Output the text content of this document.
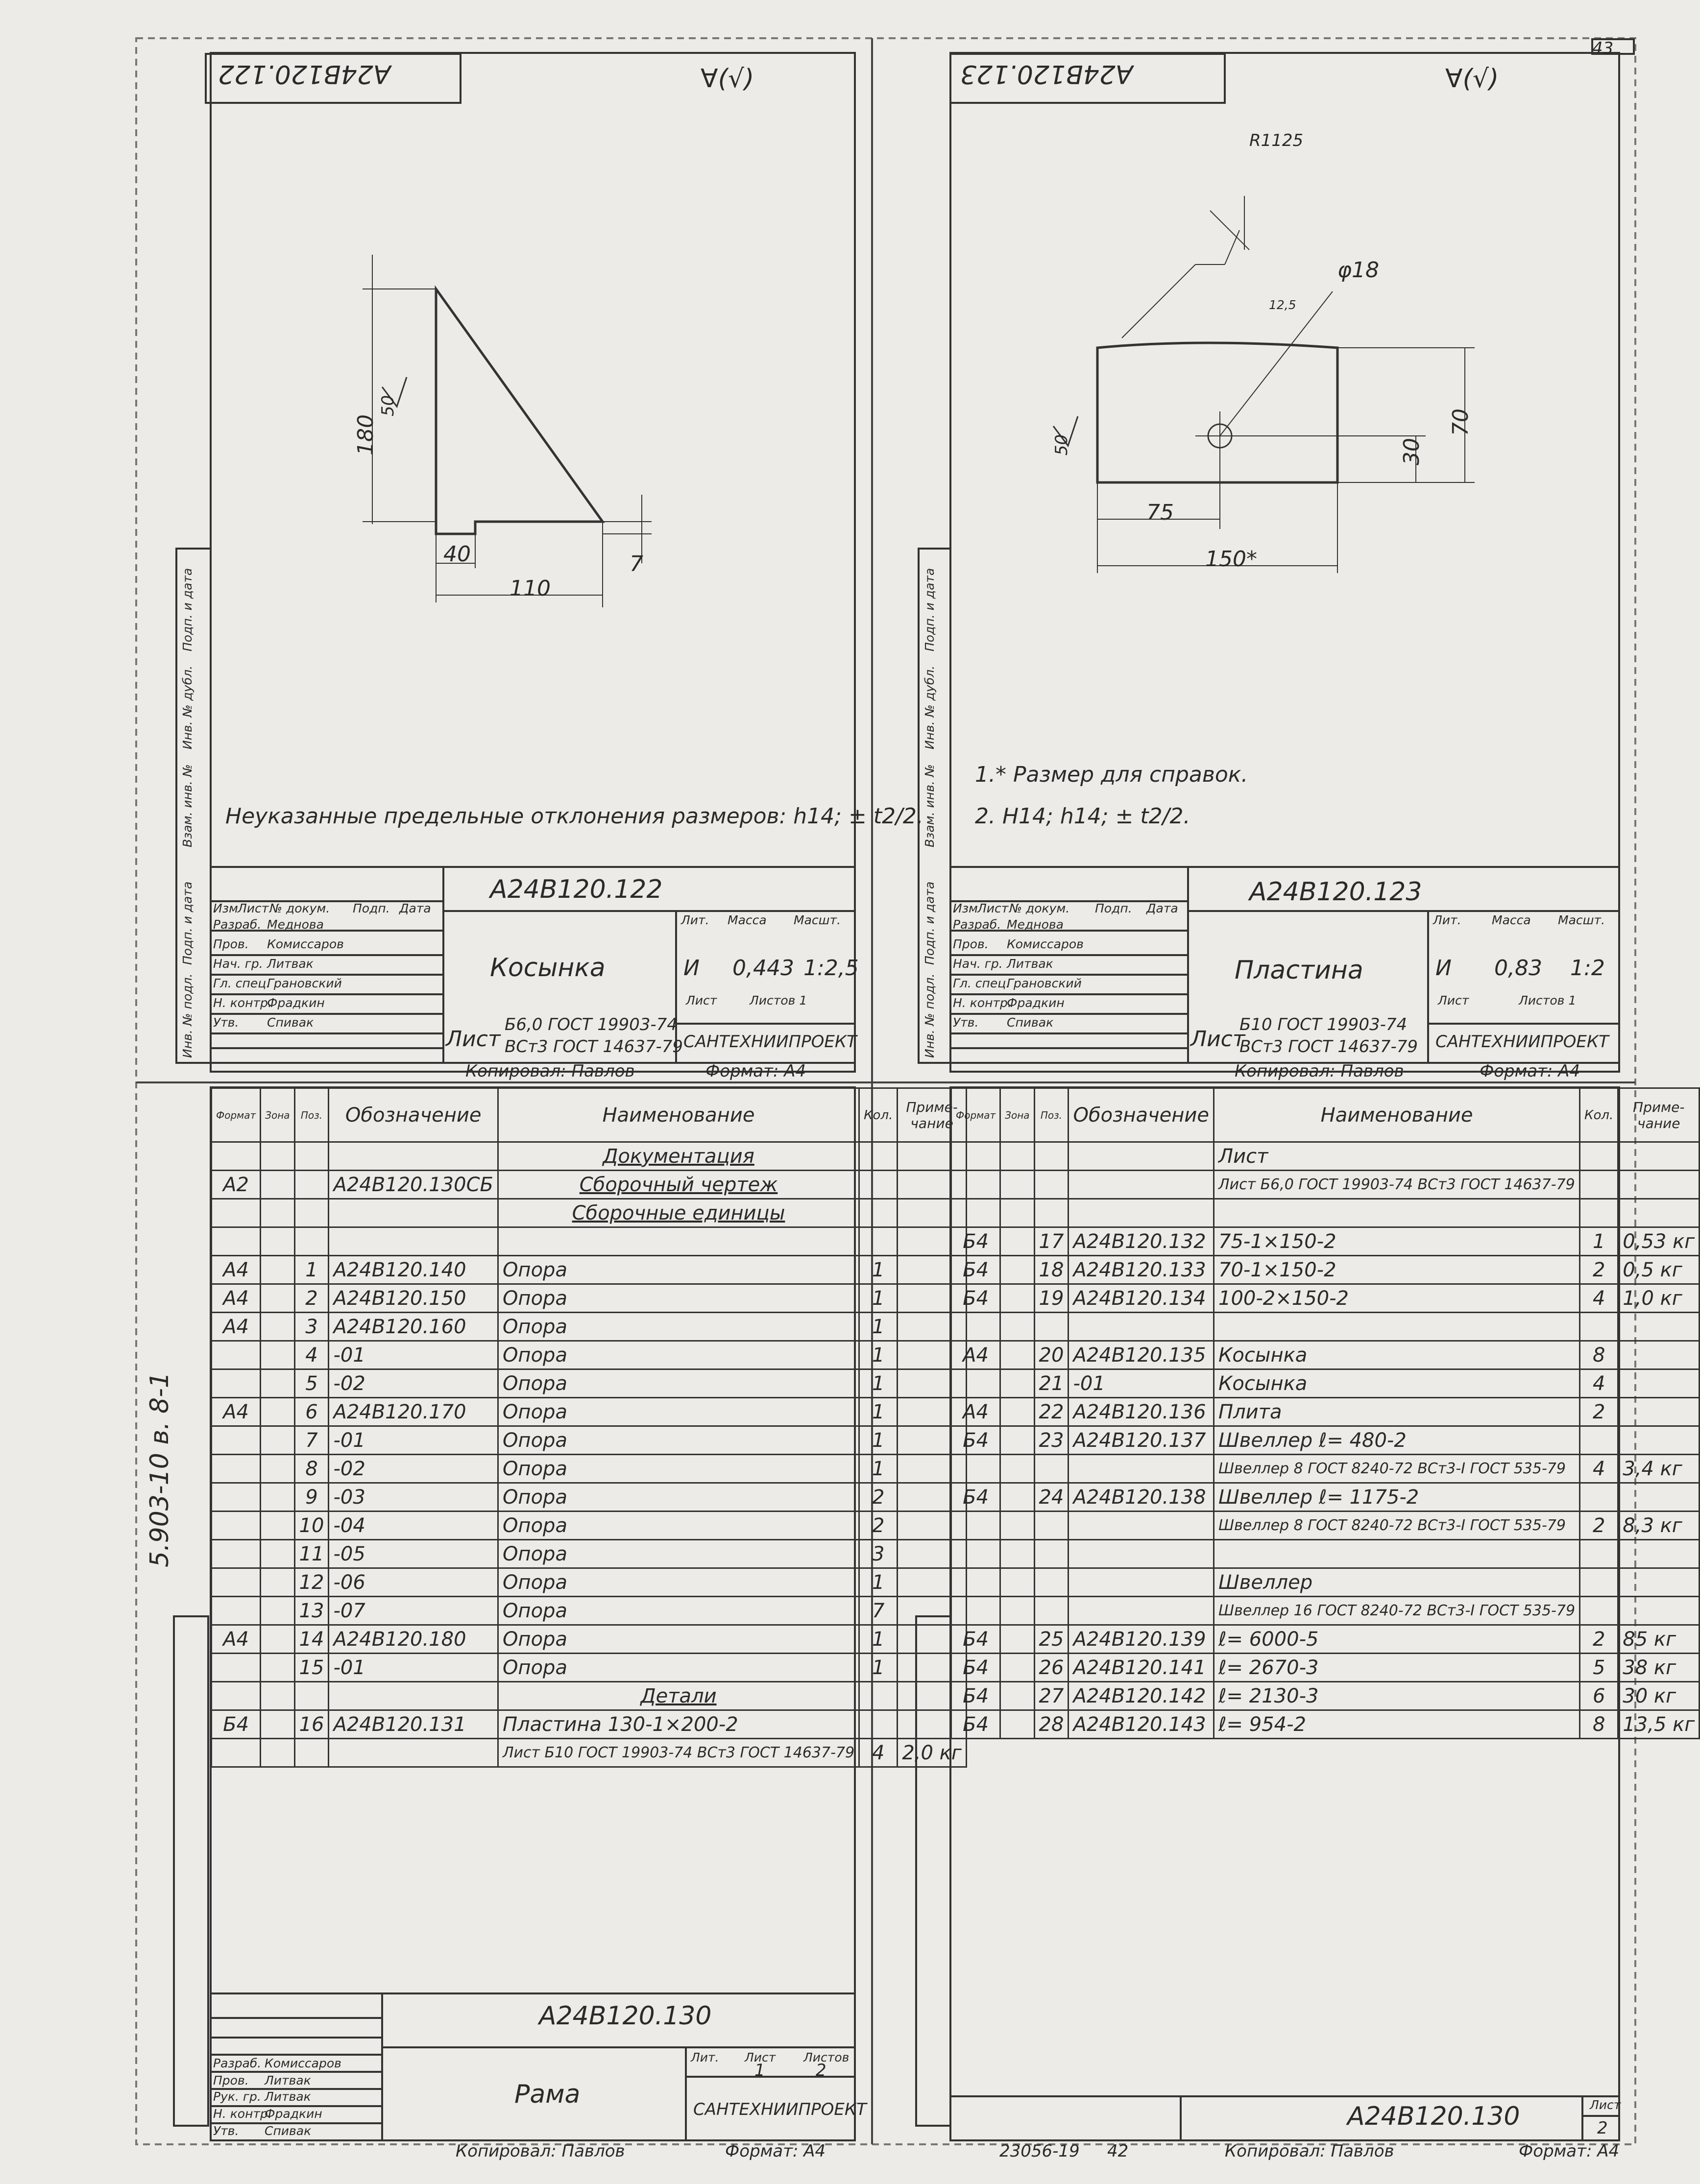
А24В120.122	∀(√)
180
50
40
110
7
Неуказанные предельные отклонения размеров: h14; ± t2/2.
А24В120.123	∀(√)
R1125
φ18
12,5
70
30
75
150*
50
1.* Размер для справок.
2. Н14; h14; ± t2/2.
Изм Лист № докум. Подп. Дата
Разраб. Меднова
Пров. Комиссаров
Нач. гр. Литвак
Гл. спец.
Грановский
Н. контр.
Фрадкин
Утв. Спивак
А24В120.122
Косынка
Лит. Масса Масшт.
И 0,443 1:2,5
Лист	Листов 1
Лист
Б6,0 ГОСТ 19903-74
ВСт3 ГОСТ 14637-79 САНТЕХНИИПРОЕКТ
Копировал: Павлов	Формат: А4
Изм Лист № докум. Подп. Дата
Разраб. Меднова
Пров. Комиссаров
Нач. гр. Литвак
Гл. спец.
Грановский
Н. контр.
Фрадкин
Утв. Спивак
А24В120.123
Пластина
Лит. Масса Масшт.
И 0,83 1:2
Лист	Листов 1
Лист
Б10 ГОСТ 19903-74
ВСт3 ГОСТ 14637-79 САНТЕХНИИПРОЕКТ
Копировал: Павлов	Формат: А4
Инв. № подл.
Подп. и дата
Взам. инв. №
Инв. № дубл.
Подп. и дата
Инв. № подл.
Подп. и дата
Взам. инв. №
Инв. № дубл.
Подп. и дата
5.903-10 в. 8-1
43
Формат	Зона	Поз.	Обозначение	Наименование	Кол.	Приме-чание
				Документация		
А2			А24В120.130СБ	Сборочный чертеж		
				Сборочные единицы		

А4		1	А24В120.140	Опора	1	
А4		2	А24В120.150	Опора	1	
А4		3	А24В120.160	Опора	1	
		4	-01	Опора	1	
		5	-02	Опора	1	
А4		6	А24В120.170	Опора	1	
		7	-01	Опора	1	
		8	-02	Опора	1	
		9	-03	Опора	2	
		10	-04	Опора	2	
		11	-05	Опора	3	
		12	-06	Опора	1	
		13	-07	Опора	7	
А4		14	А24В120.180	Опора	1	
		15	-01	Опора	1	
				Детали		
Б4		16	А24В120.131	Пластина 130-1×200-2		
				Лист Б10 ГОСТ 19903-74 ВСт3 ГОСТ 14637-79	4	2,0 кг
Формат	Зона	Поз.	Обозначение	Наименование	Кол.	Приме-чание
				Лист		
				Лист Б6,0 ГОСТ 19903-74 ВСт3 ГОСТ 14637-79		

Б4		17	А24В120.132	75-1×150-2	1	0,53 кг
Б4		18	А24В120.133	70-1×150-2	2	0,5 кг
Б4		19	А24В120.134	100-2×150-2	4	1,0 кг

А4		20	А24В120.135	Косынка	8	
		21	-01	Косынка	4	
А4		22	А24В120.136	Плита	2	
Б4		23	А24В120.137	Швеллер ℓ= 480-2		
				Швеллер 8 ГОСТ 8240-72 ВСт3-I ГОСТ 535-79	4	3,4 кг
Б4		24	А24В120.138	Швеллер ℓ= 1175-2		
				Швеллер 8 ГОСТ 8240-72 ВСт3-I ГОСТ 535-79	2	8,3 кг

				Швеллер		
				Швеллер 16 ГОСТ 8240-72 ВСт3-I ГОСТ 535-79		
Б4		25	А24В120.139	ℓ= 6000-5	2	85 кг
Б4		26	А24В120.141	ℓ= 2670-3	5	38 кг
Б4		27	А24В120.142	ℓ= 2130-3	6	30 кг
Б4		28	А24В120.143	ℓ= 954-2	8	13,5 кг
А24В120.130
Рама
Лит. Лист Листов
1	2
САНТЕХНИИПРОЕКТ
Разраб. Комиссаров
Пров. Литвак
Рук. гр. Литвак
Н. контр.
Фрадкин
Утв. Спивак
Копировал: Павлов	Формат: А4
А24В120.130	Лист
2
23056-19 42	Копировал: Павлов	Формат: А4
